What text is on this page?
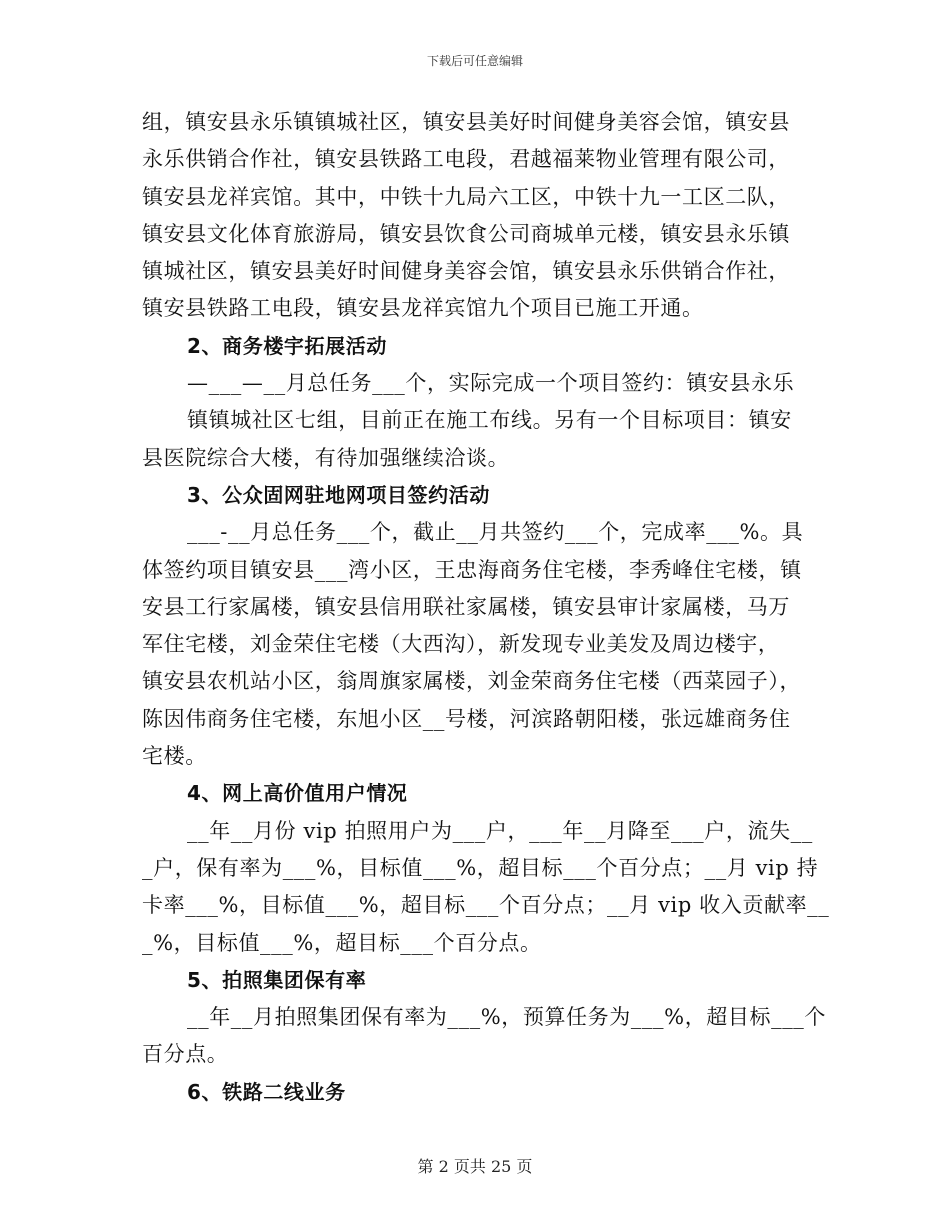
下载后可任意编辑
组，镇安县永乐镇镇城社区，镇安县美好时间健身美容会馆，镇安县
永乐供销合作社，镇安县铁路工电段，君越福莱物业管理有限公司，
镇安县龙祥宾馆。其中，中铁十九局六工区，中铁十九一工区二队，
镇安县文化体育旅游局，镇安县饮食公司商城单元楼，镇安县永乐镇
镇城社区，镇安县美好时间健身美容会馆，镇安县永乐供销合作社，
镇安县铁路工电段，镇安县龙祥宾馆九个项目已施工开通。
2、商务楼宇拓展活动
—___—__月总任务___个，实际完成一个项目签约：镇安县永乐
镇镇城社区七组，目前正在施工布线。另有一个目标项目：镇安
县医院综合大楼，有待加强继续洽谈。
3、公众固网驻地网项目签约活动
___-__月总任务___个，截止__月共签约___个，完成率___%。具
体签约项目镇安县___湾小区，王忠海商务住宅楼，李秀峰住宅楼，镇
安县工行家属楼，镇安县信用联社家属楼，镇安县审计家属楼，马万
军住宅楼，刘金荣住宅楼（大西沟），新发现专业美发及周边楼宇，
镇安县农机站小区，翁周旗家属楼，刘金荣商务住宅楼（西菜园子），
陈因伟商务住宅楼，东旭小区__号楼，河滨路朝阳楼，张远雄商务住
宅楼。
4、网上高价值用户情况
__年__月份 vip 拍照用户为___户，___年__月降至___户，流失__
_户，保有率为___%，目标值___%，超目标___个百分点；__月 vip 持
卡率___%，目标值___%，超目标___个百分点；__月 vip 收入贡献率__
_%，目标值___%，超目标___个百分点。
5、拍照集团保有率
__年__月拍照集团保有率为___%，预算任务为___%，超目标___个
百分点。
6、铁路二线业务
第 2 页共 25 页
